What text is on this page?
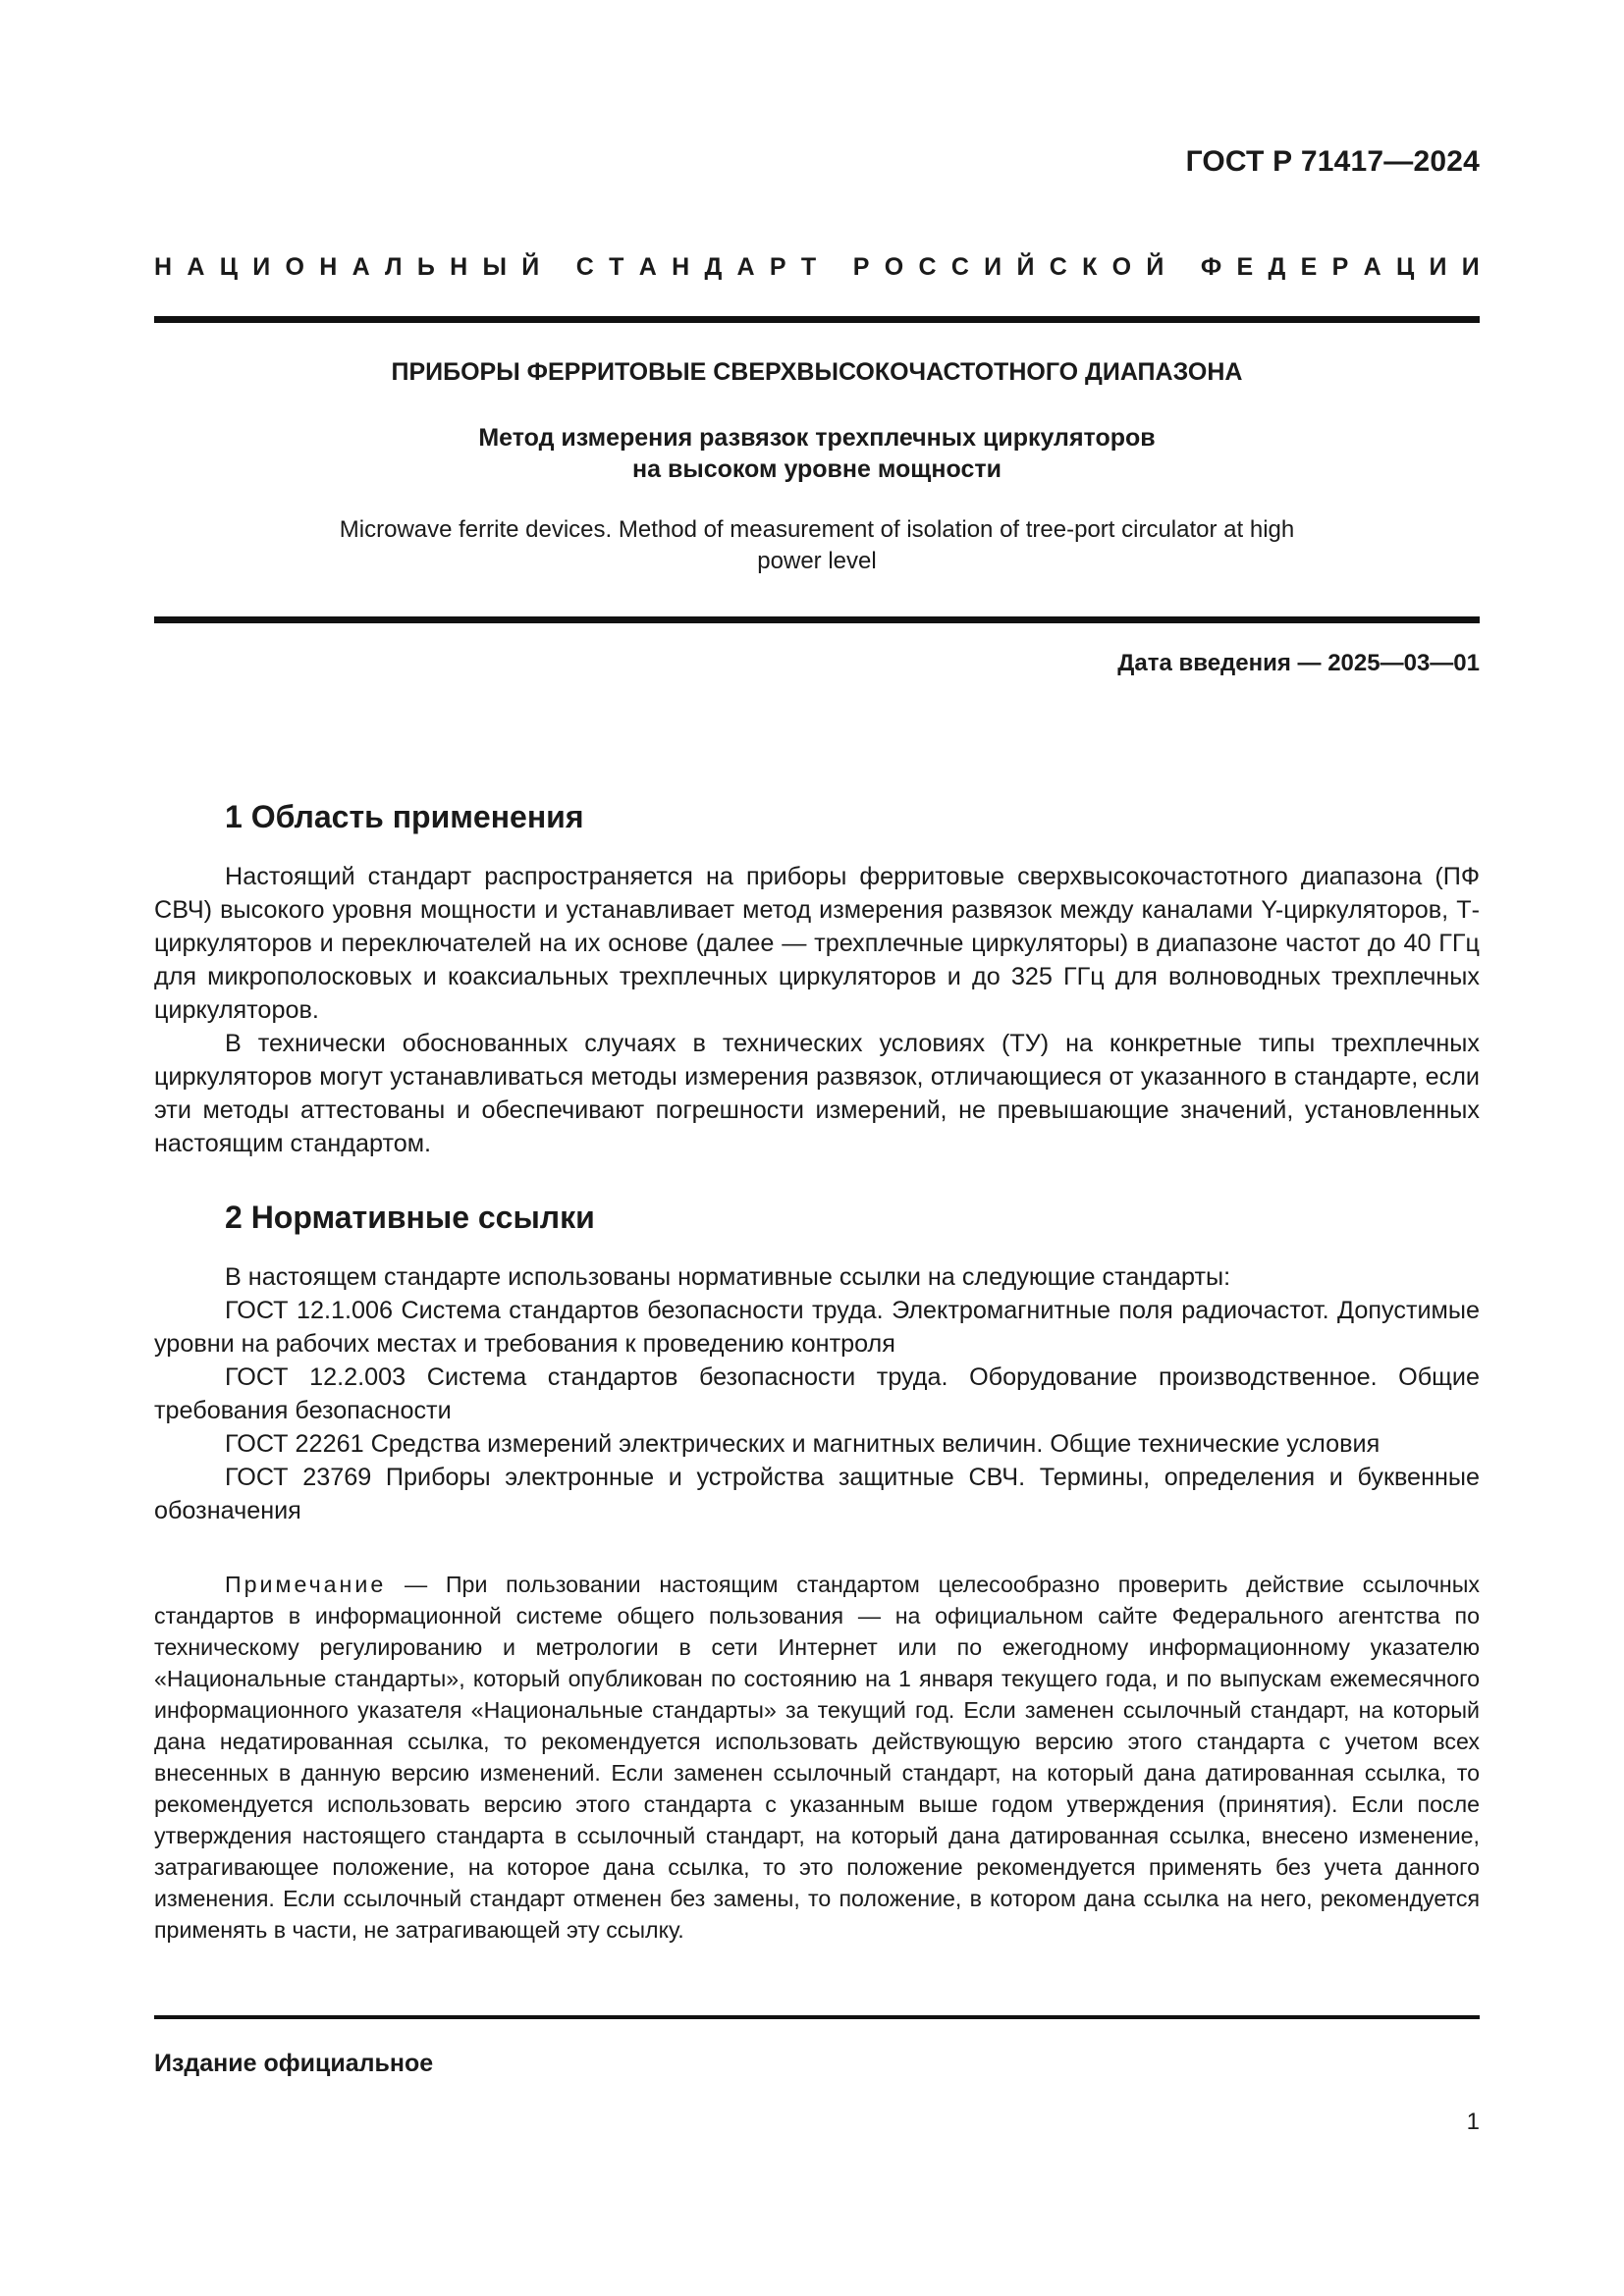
ГОСТ Р 71417—2024
Н А Ц И О Н А Л Ь Н Ы Й
С Т А Н Д А Р Т
Р О С С И Й С К О Й
Ф Е Д Е Р А Ц И И
ПРИБОРЫ ФЕРРИТОВЫЕ СВЕРХВЫСОКОЧАСТОТНОГО ДИАПАЗОНА
Метод измерения развязок трехплечных циркуляторов
на высоком уровне мощности
Microwave ferrite devices. Method of measurement of isolation of tree-port circulator at high
power level
Дата введения — 2025—03—01
1 Область применения

Настоящий стандарт распространяется на приборы ферритовые сверхвысокочастотного диапазона (ПФ СВЧ) высокого уровня мощности и устанавливает метод измерения развязок между каналами Y-циркуляторов, Т-циркуляторов и переключателей на их основе (далее — трехплечные циркуляторы) в диапазоне частот до 40 ГГц для микрополосковых и коаксиальных трехплечных циркуляторов и до 325 ГГц для волноводных трехплечных циркуляторов.

В технически обоснованных случаях в технических условиях (ТУ) на конкретные типы трехплечных циркуляторов могут устанавливаться методы измерения развязок, отличающиеся от указанного в стандарте, если эти методы аттестованы и обеспечивают погрешности измерений, не превышающие значений, установленных настоящим стандартом.

2 Нормативные ссылки

В настоящем стандарте использованы нормативные ссылки на следующие стандарты:

ГОСТ 12.1.006 Система стандартов безопасности труда. Электромагнитные поля радиочастот. Допустимые уровни на рабочих местах и требования к проведению контроля

ГОСТ 12.2.003 Система стандартов безопасности труда. Оборудование производственное. Общие требования безопасности

ГОСТ 22261 Средства измерений электрических и магнитных величин. Общие технические условия

ГОСТ 23769 Приборы электронные и устройства защитные СВЧ. Термины, определения и буквенные обозначения

Примечание — При пользовании настоящим стандартом целесообразно проверить действие ссылочных стандартов в информационной системе общего пользования — на официальном сайте Федерального агентства по техническому регулированию и метрологии в сети Интернет или по ежегодному информационному указателю «Национальные стандарты», который опубликован по состоянию на 1 января текущего года, и по выпускам ежемесячного информационного указателя «Национальные стандарты» за текущий год. Если заменен ссылочный стандарт, на который дана недатированная ссылка, то рекомендуется использовать действующую версию этого стандарта с учетом всех внесенных в данную версию изменений. Если заменен ссылочный стандарт, на который дана датированная ссылка, то рекомендуется использовать версию этого стандарта с указанным выше годом утверждения (принятия). Если после утверждения настоящего стандарта в ссылочный стандарт, на который дана датированная ссылка, внесено изменение, затрагивающее положение, на которое дана ссылка, то это положение рекомендуется применять без учета данного изменения. Если ссылочный стандарт отменен без замены, то положение, в котором дана ссылка на него, рекомендуется применять в части, не затрагивающей эту ссылку.

Издание официальное
1
